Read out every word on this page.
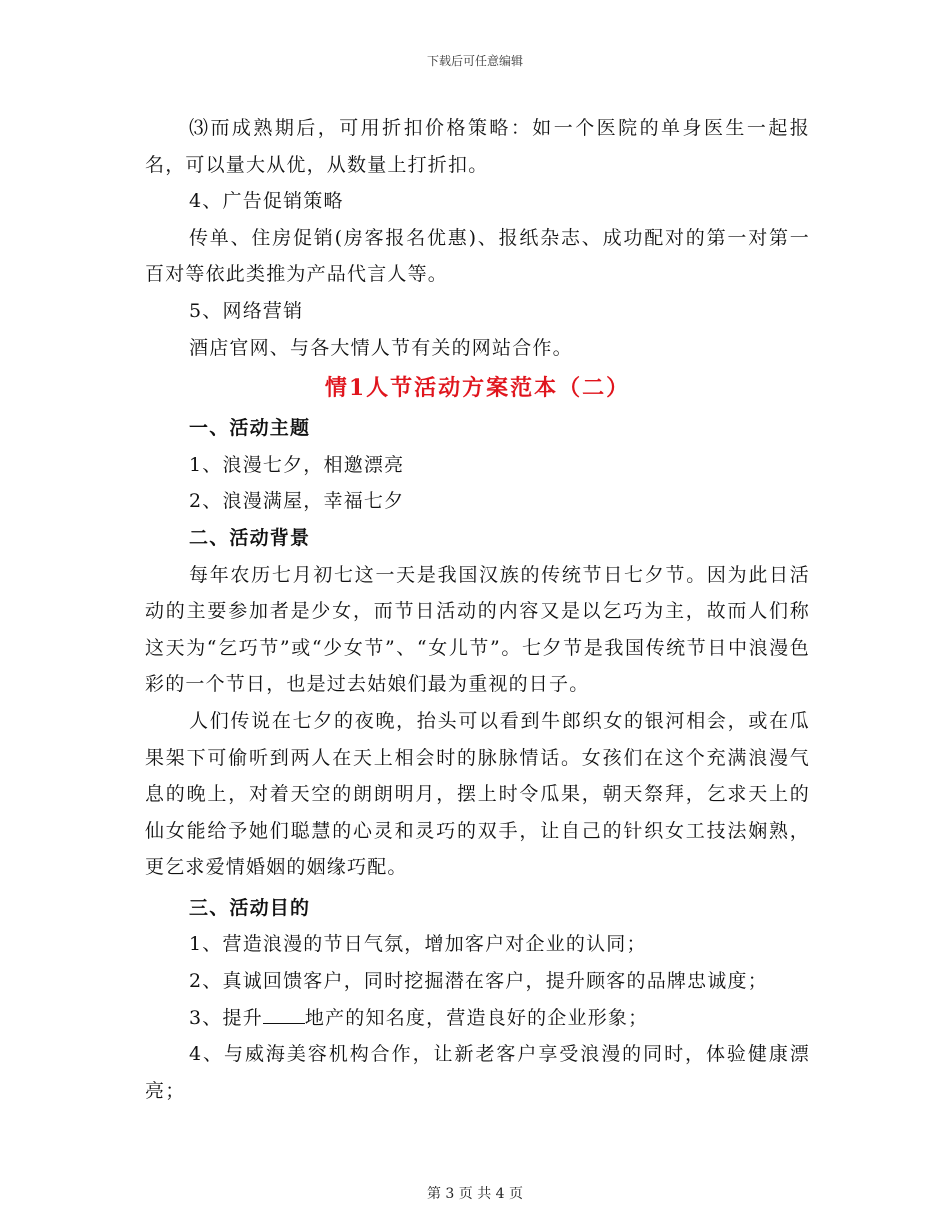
下载后可任意编辑

⑶而成熟期后，可用折扣价格策略：如一个医院的单身医生一起报名，可以量大从优，从数量上打折扣。

4、广告促销策略

传单、住房促销(房客报名优惠)、报纸杂志、成功配对的第一对第一百对等依此类推为产品代言人等。

5、网络营销

酒店官网、与各大情人节有关的网站合作。

情1人节活动方案范本（二）

一、活动主题

1、浪漫七夕，相邀漂亮

2、浪漫满屋，幸福七夕

二、活动背景

每年农历七月初七这一天是我国汉族的传统节日七夕节。因为此日活动的主要参加者是少女，而节日活动的内容又是以乞巧为主，故而人们称这天为“乞巧节”或“少女节”、“女儿节”。七夕节是我国传统节日中浪漫色彩的一个节日，也是过去姑娘们最为重视的日子。

人们传说在七夕的夜晚，抬头可以看到牛郎织女的银河相会，或在瓜果架下可偷听到两人在天上相会时的脉脉情话。女孩们在这个充满浪漫气息的晚上，对着天空的朗朗明月，摆上时令瓜果，朝天祭拜，乞求天上的仙女能给予她们聪慧的心灵和灵巧的双手，让自己的针织女工技法娴熟，更乞求爱情婚姻的姻缘巧配。

三、活动目的

1、营造浪漫的节日气氛，增加客户对企业的认同；

2、真诚回馈客户，同时挖掘潜在客户，提升顾客的品牌忠诚度；

3、提升 地产的知名度，营造良好的企业形象；

4、与威海美容机构合作，让新老客户享受浪漫的同时，体验健康漂亮；

第 3 页 共 4 页
